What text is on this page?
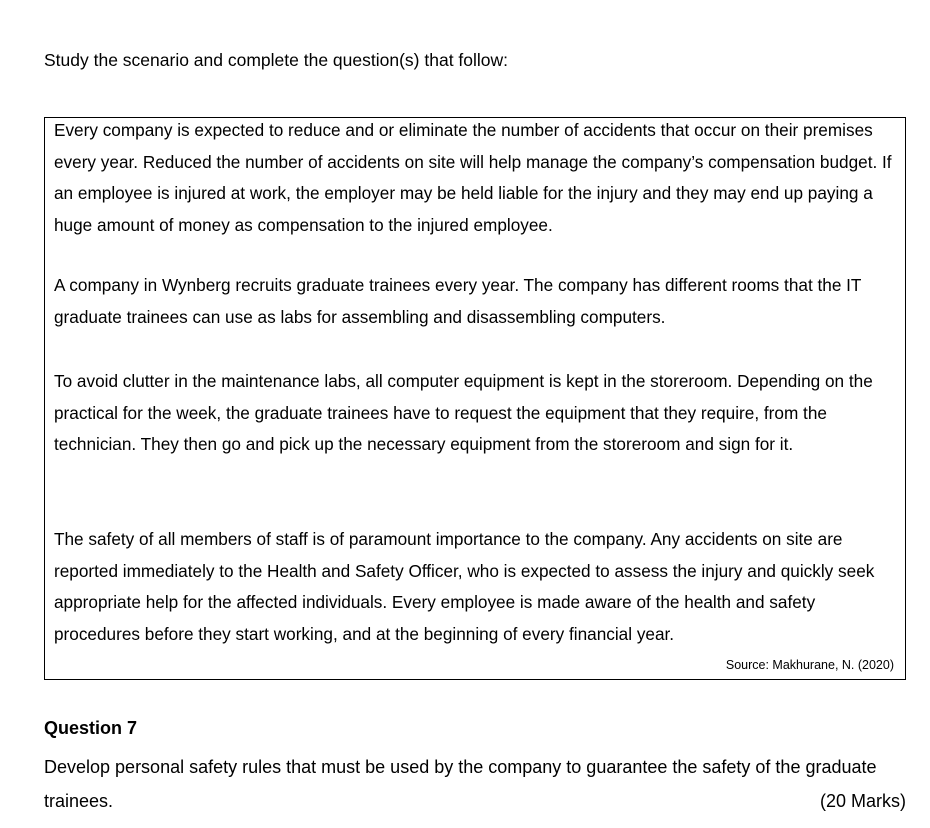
Study the scenario and complete the question(s) that follow:

Every company is expected to reduce and or eliminate the number of accidents that occur on their premises every year. Reduced the number of accidents on site will help manage the company’s compensation budget. If an employee is injured at work, the employer may be held liable for the injury and they may end up paying a huge amount of money as compensation to the injured employee.

A company in Wynberg recruits graduate trainees every year. The company has different rooms that the IT graduate trainees can use as labs for assembling and disassembling computers.

To avoid clutter in the maintenance labs, all computer equipment is kept in the storeroom. Depending on the practical for the week, the graduate trainees have to request the equipment that they require, from the technician. They then go and pick up the necessary equipment from the storeroom and sign for it.

The safety of all members of staff is of paramount importance to the company. Any accidents on site are reported immediately to the Health and Safety Officer, who is expected to assess the injury and quickly seek appropriate help for the affected individuals. Every employee is made aware of the health and safety procedures before they start working, and at the beginning of every financial year.

Source: Makhurane, N. (2020)

Question 7

Develop personal safety rules that must be used by the company to guarantee the safety of the graduate trainees.	(20 Marks)
